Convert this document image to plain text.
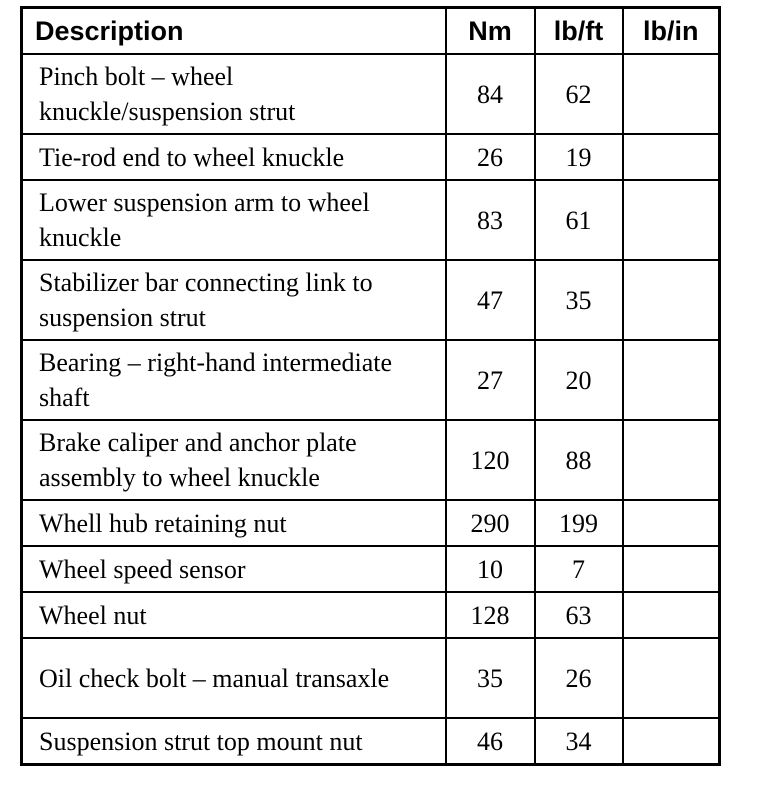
Description	Nm	lb/ft	lb/in
Pinch bolt – wheel knuckle/suspension strut	84	62	
Tie-rod end to wheel knuckle	26	19	
Lower suspension arm to wheel knuckle	83	61	
Stabilizer bar connecting link to suspension strut	47	35	
Bearing – right-hand intermediate shaft	27	20	
Brake caliper and anchor plate assembly to wheel knuckle	120	88	
Whell hub retaining nut	290	199	
Wheel speed sensor	10	7	
Wheel nut	128	63	
Oil check bolt – manual transaxle	35	26	
Suspension strut top mount nut	46	34	
